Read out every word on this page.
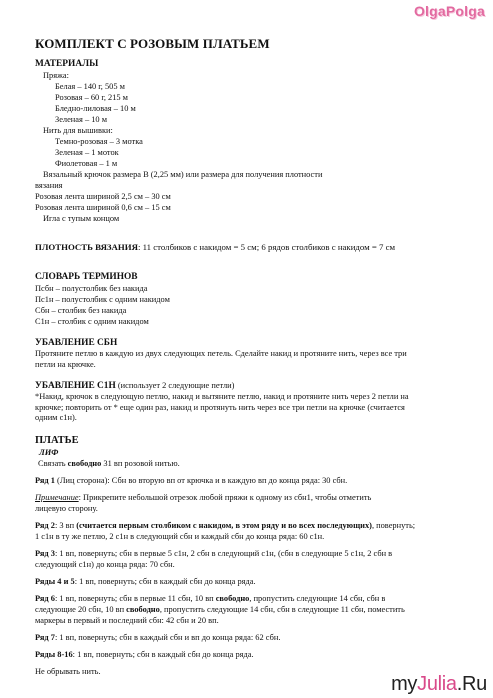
OlgaPolga
КОМПЛЕКТ С РОЗОВЫМ ПЛАТЬЕМ
МАТЕРИАЛЫ
Пряжа:
Белая – 140 г, 505 м
Розовая – 60 г, 215 м
Бледно-лиловая – 10 м
Зеленая – 10 м
Нить для вышивки:
Темно-розовая – 3 мотка
Зеленая – 1 моток
Фиолетовая – 1 м
Вязальный крючок размера B (2,25 мм) или размера для получения плотности
вязания
Розовая лента шириной 2,5 см – 30 см
Розовая лента шириной 0,6 см – 15 см
Игла с тупым концом
ПЛОТНОСТЬ ВЯЗАНИЯ: 11 столбиков с накидом = 5 см; 6 рядов столбиков с накидом = 7 см
СЛОВАРЬ ТЕРМИНОВ
Псбн – полустолбик без накида
Пс1н – полустолбик с одним накидом
Сбн – столбик без накида
С1н – столбик с одним накидом
УБАВЛЕНИЕ СБН
Протяните петлю в каждую из двух следующих петель. Сделайте накид и протяните нить, через все три
петли на крючке.
УБАВЛЕНИЕ С1Н (использует 2 следующие петли)
*Накид, крючок в следующую петлю, накид и вытяните петлю, накид и протяните нить через 2 петли на
крючке; повторить от * еще один раз, накид и протянуть нить через все три петли на крючке (считается
одним с1н).
ПЛАТЬЕ
ЛИФ
Связать свободно 31 вп розовой нитью.
Ряд 1 (Лиц сторона): Сбн во вторую вп от крючка и в каждую вп до конца ряда: 30 сбн.
Примечание: Прикрепите небольшой отрезок любой пряжи к одному из сбн1, чтобы отметить
лицевую сторону.
Ряд 2: 3 вп (считается первым столбиком с накидом, в этом ряду и во всех последующих), повернуть;
1 с1н в ту же петлю, 2 с1н в следующий сбн и каждый сбн до конца ряда: 60 с1н.
Ряд 3: 1 вп, повернуть; сбн в первые 5 с1н, 2 сбн в следующий с1н, (сбн в следующие 5 с1н, 2 сбн в
следующий с1н) до конца ряда: 70 сбн.
Ряды 4 и 5: 1 вп, повернуть; сбн в каждый сбн до конца ряда.
Ряд 6: 1 вп, повернуть; сбн в первые 11 сбн, 10 вп свободно, пропустить следующие 14 сбн, сбн в
следующие 20 сбн, 10 вп свободно, пропустить следующие 14 сбн, сбн в следующие 11 сбн, поместить
маркеры в первый и последний сбн: 42 сбн и 20 вп.
Ряд 7: 1 вп, повернуть; сбн в каждый сбн и вп до конца ряда: 62 сбн.
Ряды 8-16: 1 вп, повернуть; сбн в каждый сбн до конца ряда.
Не обрывать нить.
myJulia.Ru
